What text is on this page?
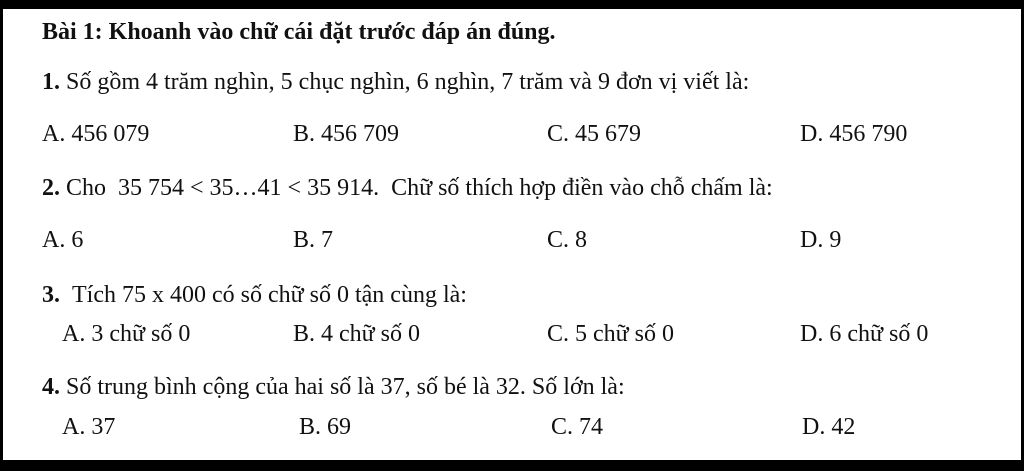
Bài 1: Khoanh vào chữ cái đặt trước đáp án đúng.
1. Số gồm 4 trăm nghìn, 5 chục nghìn, 6 nghìn, 7 trăm và 9 đơn vị viết là:
A. 456 079	B. 456 709	C. 45 679	D. 456 790
2. Cho  35 754 < 35…41 < 35 914.  Chữ số thích hợp điền vào chỗ chấm là:
A. 6	B. 7	C. 8	D. 9
3. Tích 75 x 400 có số chữ số 0 tận cùng là:
A. 3 chữ số 0	B. 4 chữ số 0	C. 5 chữ số 0	D. 6 chữ số 0
4. Số trung bình cộng của hai số là 37, số bé là 32. Số lớn là:
A. 37	B. 69	C. 74	D. 42
